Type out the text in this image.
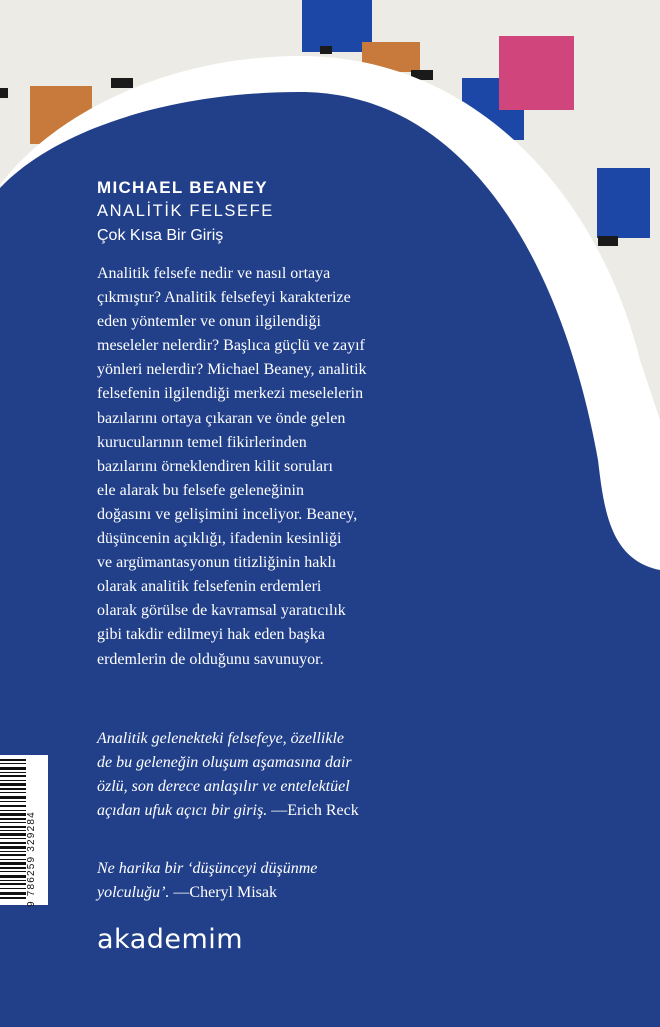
MICHAEL BEANEY
ANALİTİK FELSEFE
Çok Kısa Bir Giriş

Analitik felsefe nedir ve nasıl ortaya
çıkmıştır? Analitik felsefeyi karakterize
eden yöntemler ve onun ilgilendiği
meseleler nelerdir? Başlıca güçlü ve zayıf
yönleri nelerdir? Michael Beaney, analitik
felsefenin ilgilendiği merkezi meselelerin
bazılarını ortaya çıkaran ve önde gelen
kurucularının temel fikirlerinden
bazılarını örneklendiren kilit soruları
ele alarak bu felsefe geleneğinin
doğasını ve gelişimini inceliyor. Beaney,
düşüncenin açıklığı, ifadenin kesinliği
ve argümantasyonun titizliğinin haklı
olarak analitik felsefenin erdemleri
olarak görülse de kavramsal yaratıcılık
gibi takdir edilmeyi hak eden başka
erdemlerin de olduğunu savunuyor.

Analitik gelenekteki felsefeye, özellikle
de bu geleneğin oluşum aşamasına dair
özlü, son derece anlaşılır ve entelektüel
açıdan ufuk açıcı bir giriş. —Erich Reck

Ne harika bir ‘düşünceyi düşünme
yolculuğu’. —Cheryl Misak

akademim
9 786259 329284
